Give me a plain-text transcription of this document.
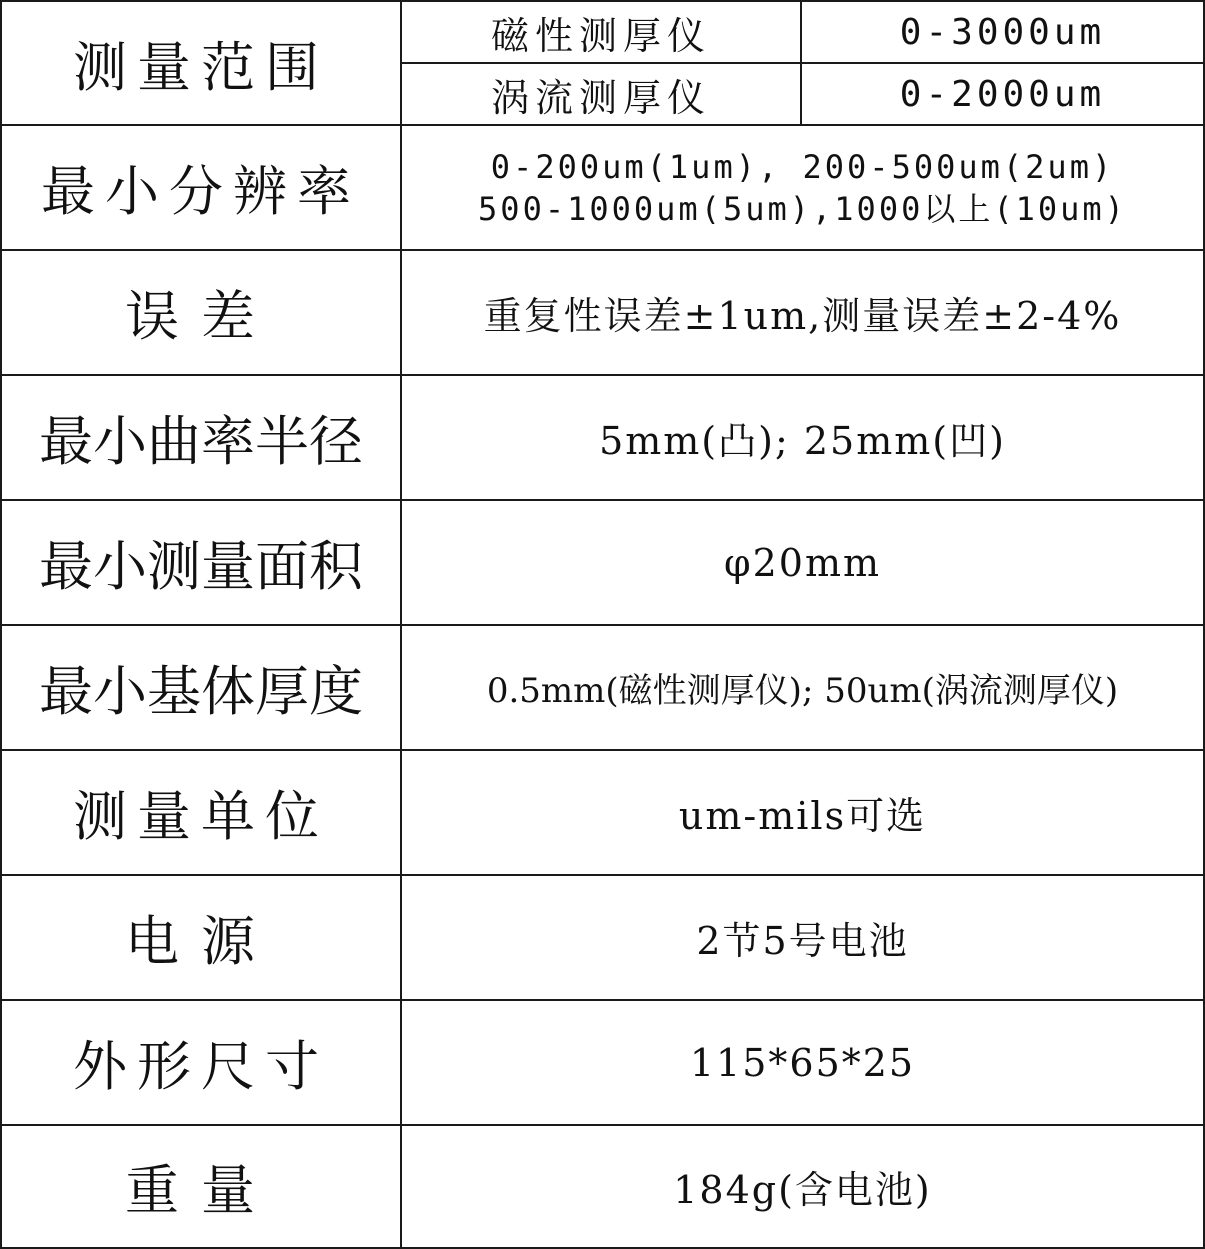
测量范围	磁性测厚仪	0-3000um
	涡流测厚仪	0-2000um
最小分辨率	0-200um(1um), 200-500um(2um)
500-1000um(5um),1000以上(10um)	

误差	重复性误差±1um,测量误差±2-4%	
最小曲率半径	5mm(凸); 25mm(凹)	
最小测量面积	φ20mm	
最小基体厚度	0.5mm(磁性测厚仪); 50um(涡流测厚仪)	
测量单位	um-mils可选	
电源	2节5号电池	
外形尺寸	115*65*25	
重量	184g(含电池)	
